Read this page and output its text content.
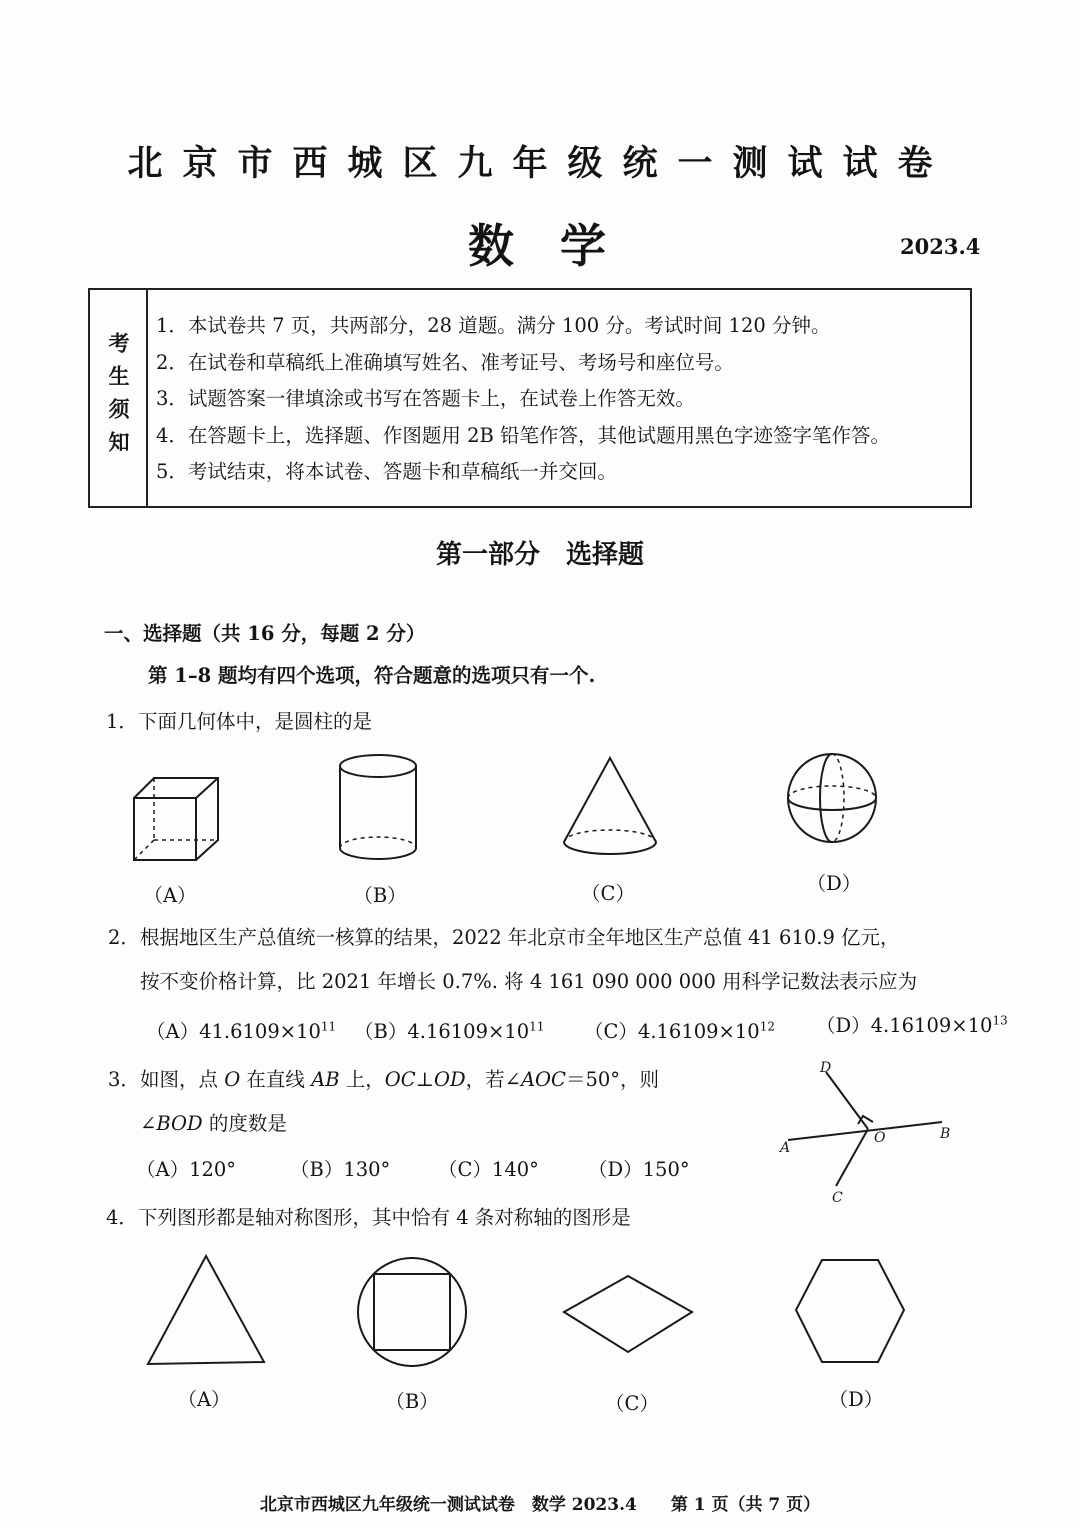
北京市西城区九年级统一测试试卷
数学	2023.4
考生须知
1．本试卷共 7 页，共两部分，28 道题。满分 100 分。考试时间 120 分钟。
2．在试卷和草稿纸上准确填写姓名、准考证号、考场号和座位号。
3．试题答案一律填涂或书写在答题卡上，在试卷上作答无效。
4．在答题卡上，选择题、作图题用 2B 铅笔作答，其他试题用黑色字迹签字笔作答。
5．考试结束，将本试卷、答题卡和草稿纸一并交回。
第一部分　选择题
一、选择题（共 16 分，每题 2 分）
第 1–8 题均有四个选项，符合题意的选项只有一个.
1．下面几何体中，是圆柱的是
（A）	（B）	（C）	（D）
2．根据地区生产总值统一核算的结果，2022 年北京市全年地区生产总值 41 610.9 亿元，
按不变价格计算，比 2021 年增长 0.7%. 将 4 161 090 000 000 用科学记数法表示应为
$(A)41.6109\times 10^{11}$ $(B)4.16109\times 10^{11}$ $(C)4.16109\times 10^{12}$ $(D)4.16109\times 10^{13}$
3．如图，点 O 在直线 AB 上，OC⊥OD，若∠AOC＝50°，则
∠BOD 的度数是
（A）120°	（B）130° （C）140°	（D）150°
D
A
O	B
C
4．下列图形都是轴对称图形，其中恰有 4 条对称轴的图形是
（A）	（B）	（C）	（D）
北京市西城区九年级统一测试试卷　数学 2023.4　　第 1 页（共 7 页）
